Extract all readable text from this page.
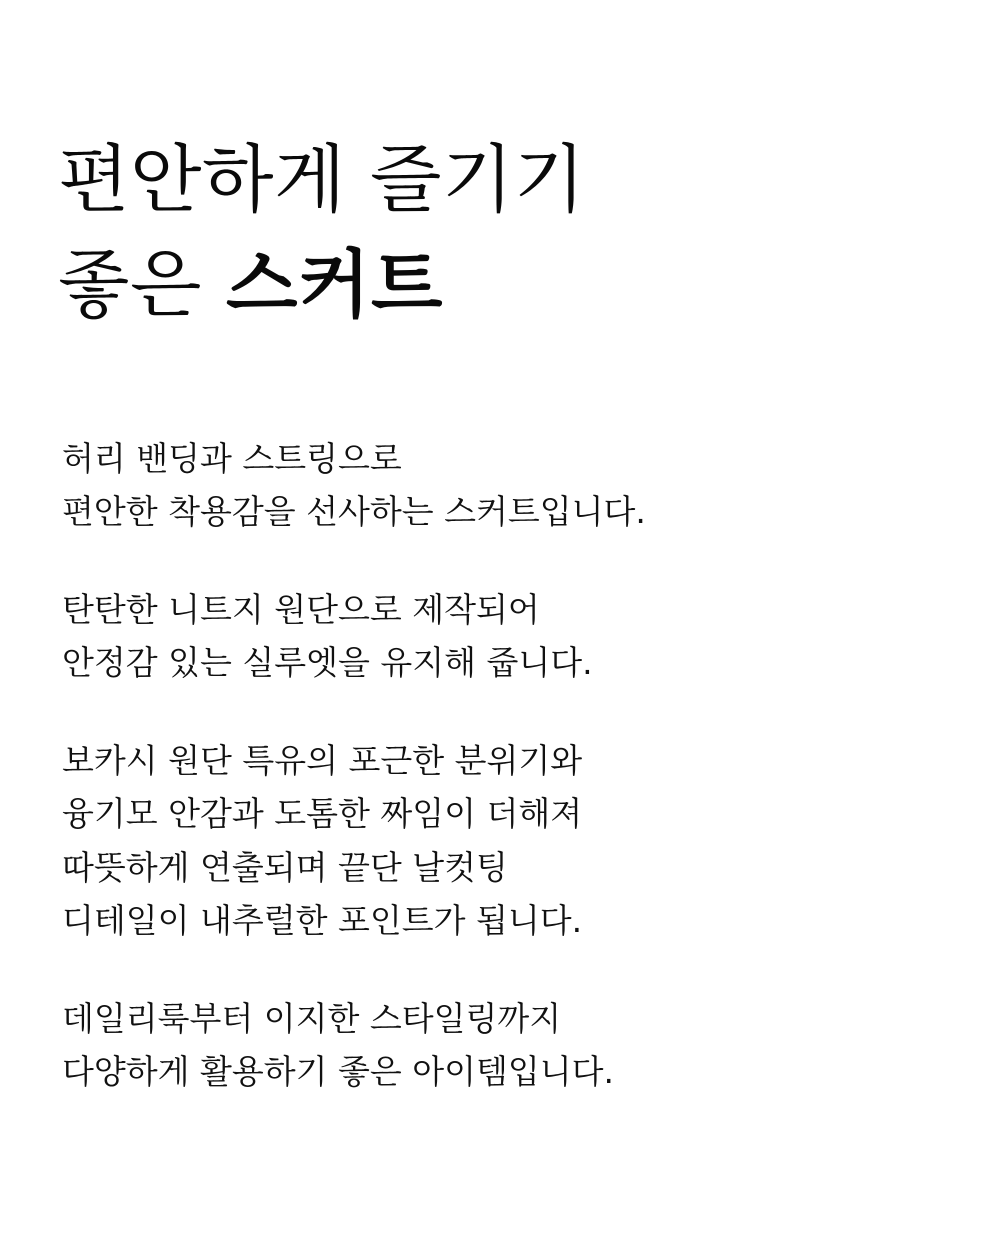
편안하게 즐기기
좋은 스커트

허리 밴딩과 스트링으로
편안한 착용감을 선사하는 스커트입니다.

탄탄한 니트지 원단으로 제작되어
안정감 있는 실루엣을 유지해 줍니다.

보카시 원단 특유의 포근한 분위기와
융기모 안감과 도톰한 짜임이 더해져
따뜻하게 연출되며 끝단 날컷팅
디테일이 내추럴한 포인트가 됩니다.

데일리룩부터 이지한 스타일링까지
다양하게 활용하기 좋은 아이템입니다.
